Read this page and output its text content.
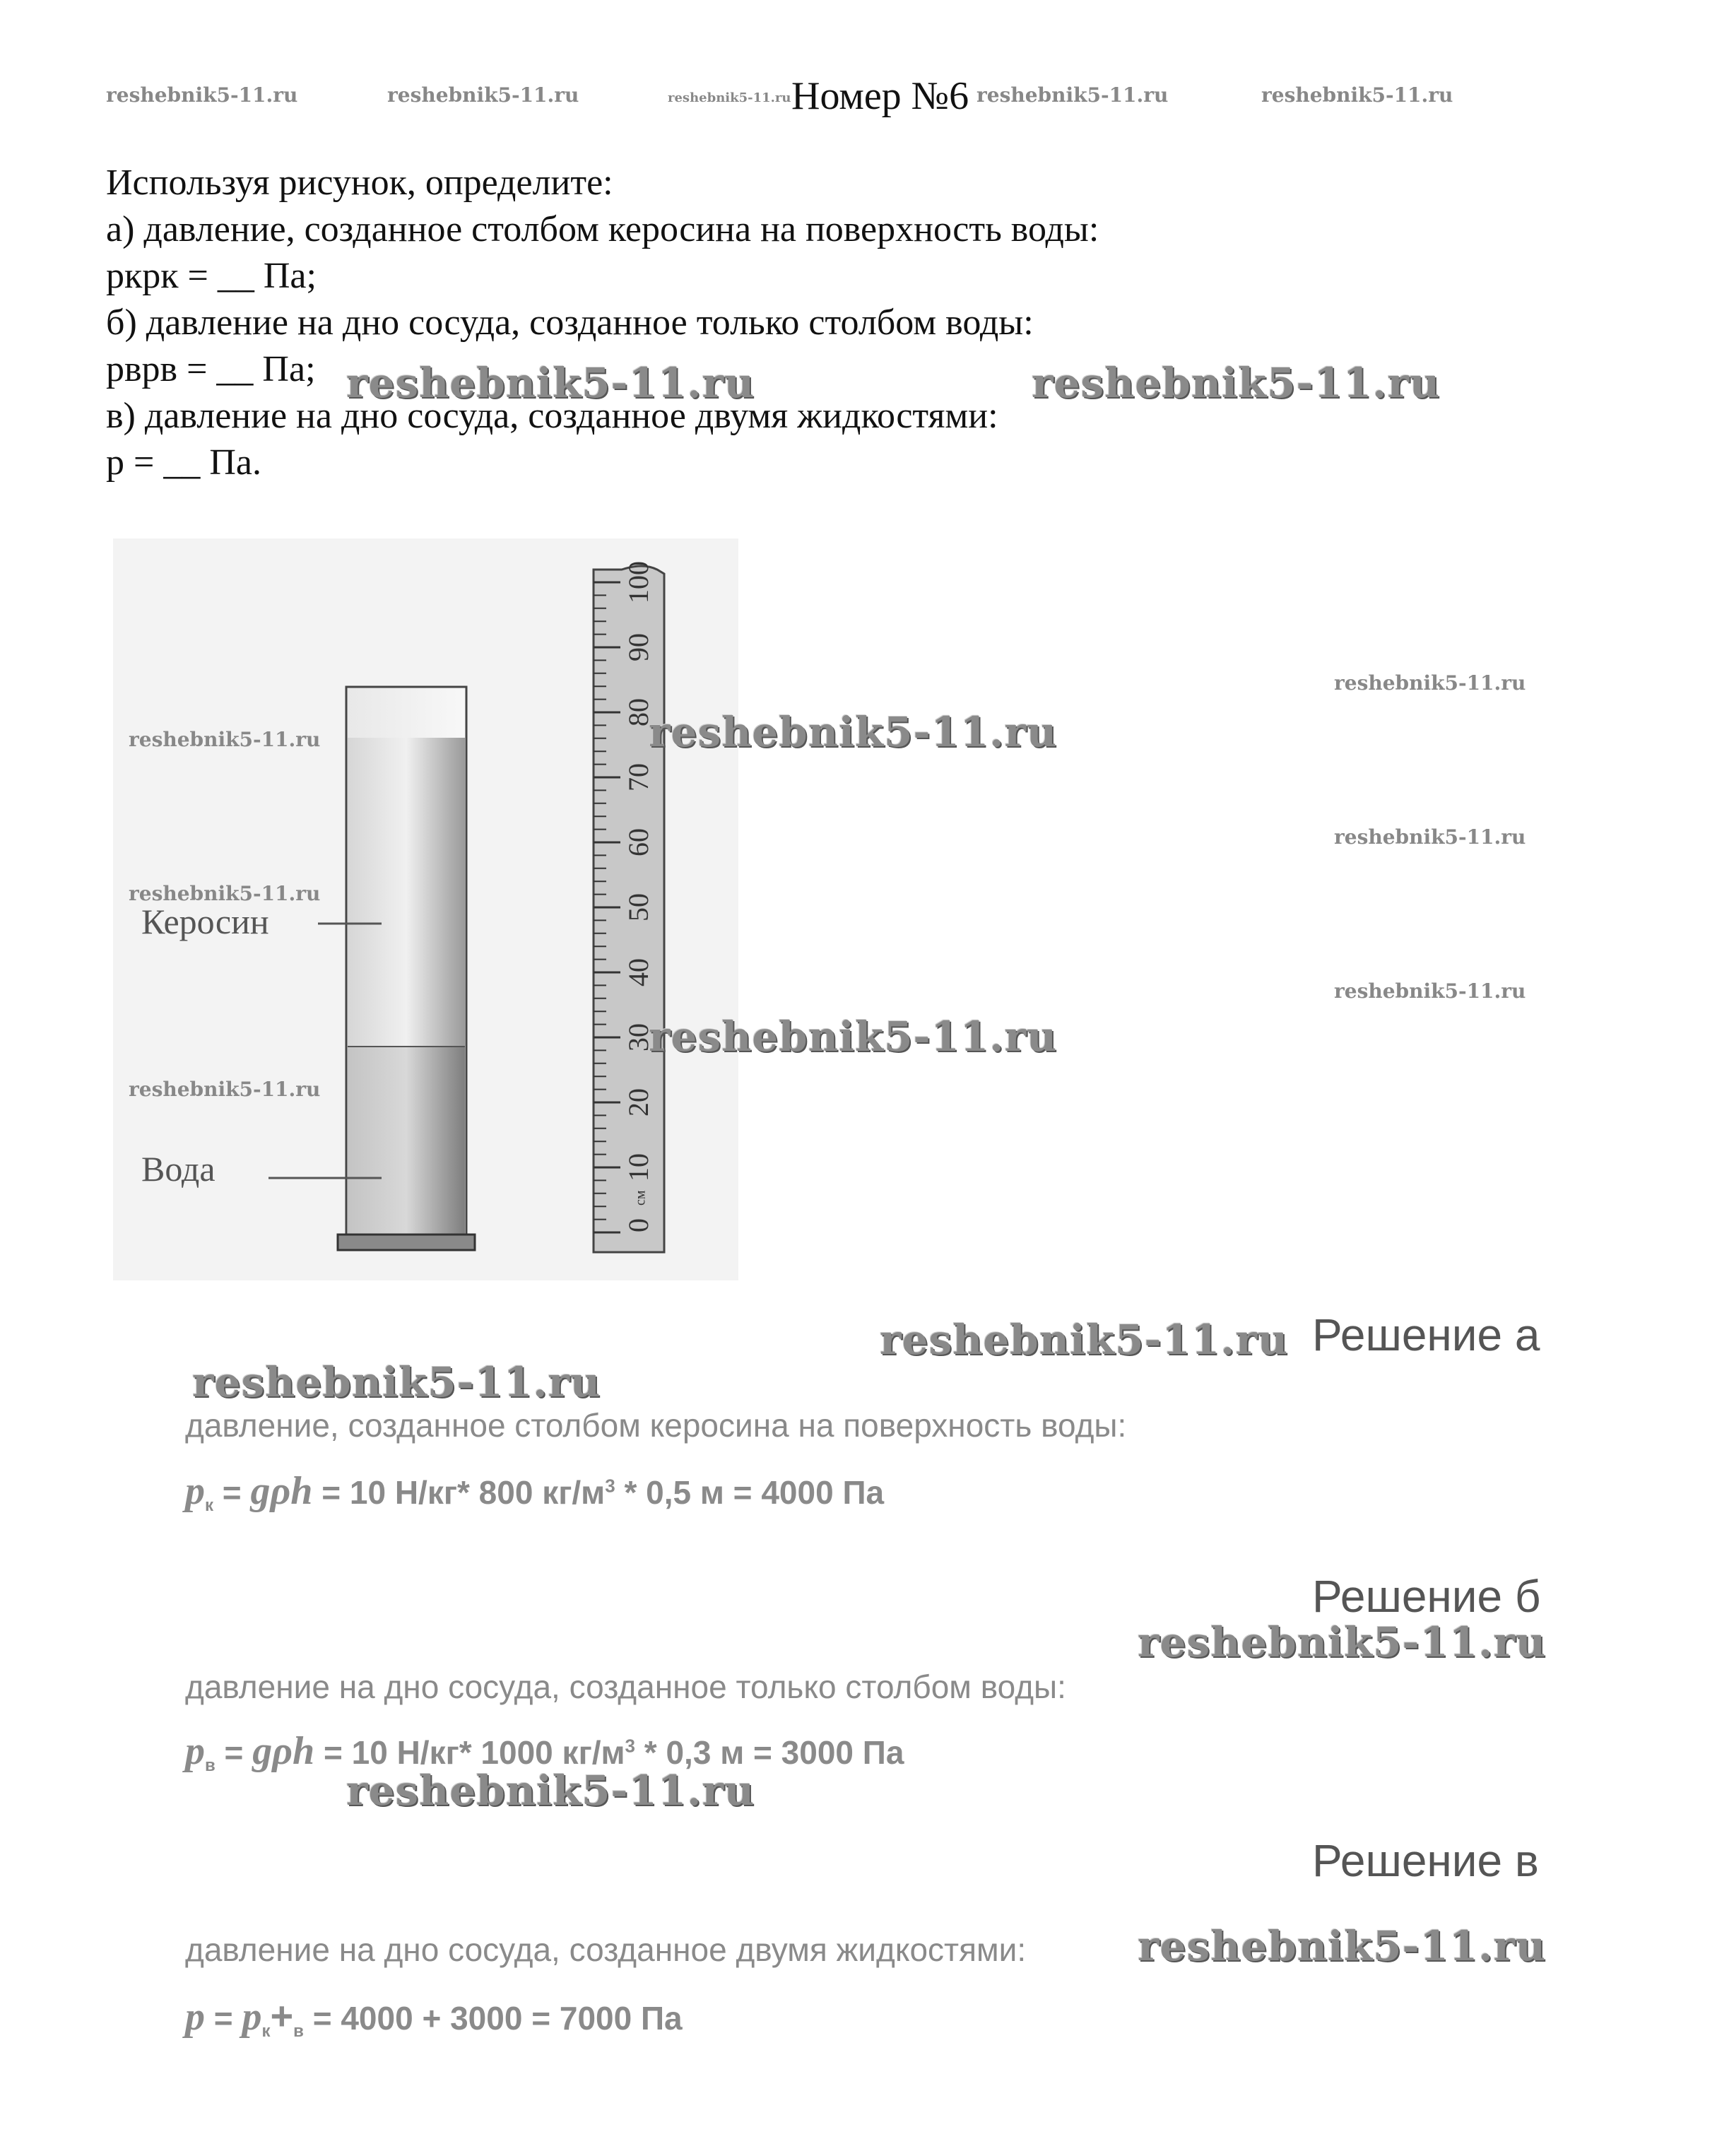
reshebnik5-11.ru	reshebnik5-11.ru	reshebnik5-11.ru Номер №6 reshebnik5-11.ru	reshebnik5-11.ru
Используя рисунок, определите:
а) давление, созданное столбом керосина на поверхность воды:
pкpк = __ Па;
б) давление на дно сосуда, созданное только столбом воды:
pвpв = __ Па;
в) давление на дно сосуда, созданное двумя жидкостями:
p = __ Па.
reshebnik5-11.ru	reshebnik5-11.ru
100
90
80
70
60
50
40
30
20
10
0
см
reshebnik5-11.ru
reshebnik5-11.ru
reshebnik5-11.ru
Керосин
Вода
reshebnik5-11.ru
reshebnik5-11.ru
reshebnik5-11.ru
reshebnik5-11.ru
reshebnik5-11.ru
reshebnik5-11.ru Решение а
reshebnik5-11.ru
давление, созданное столбом керосина на поверхность воды:
$p_к = g\rho h = 10$ Н/кг* 800 $кг/м^3 * 0,5$ м = 4000 Па
Решение б
reshebnik5-11.ru
давление на дно сосуда, созданное только столбом воды:
$p_в = g\rho h = 10$ Н/кг* 1000 $кг/м^3 * 0,3$ м = 3000 Па
reshebnik5-11.ru
Решение в
давление на дно сосуда, созданное двумя жидкостями:	reshebnik5-11.ru
$p = p_к+_в = 4000 + 3000 = 7000$ Па
